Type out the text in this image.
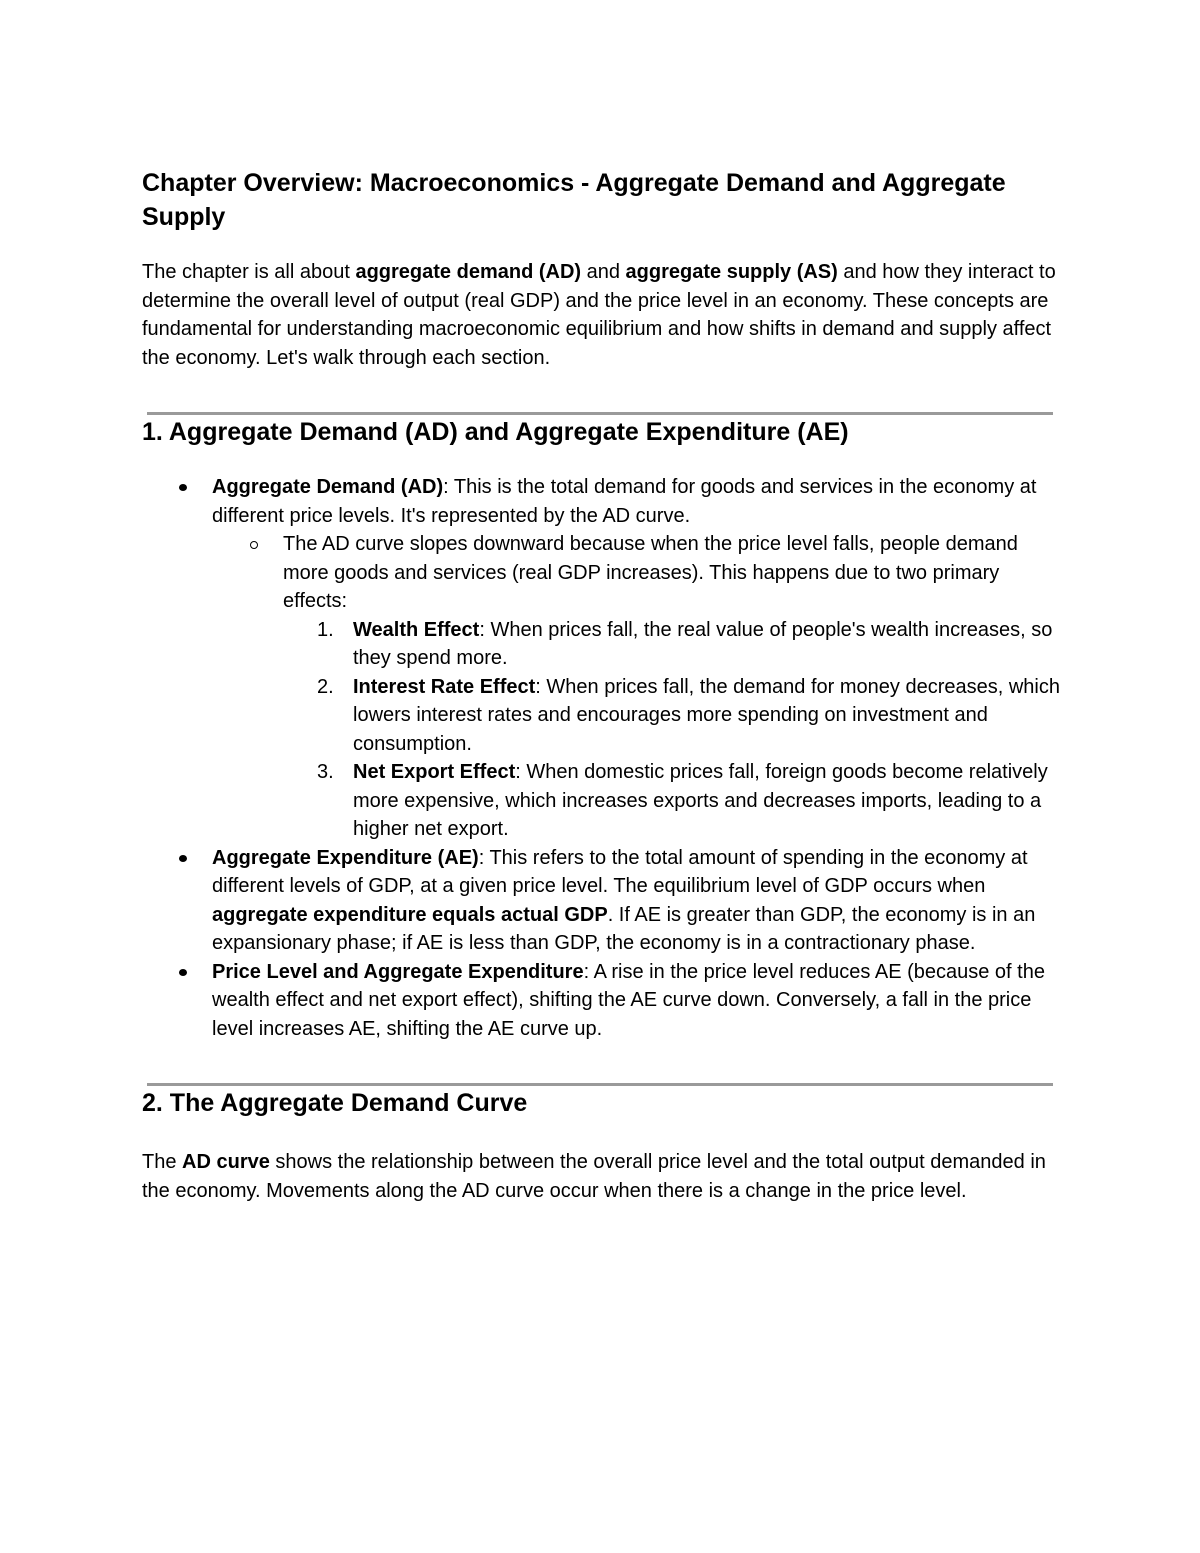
Chapter Overview: Macroeconomics - Aggregate Demand and Aggregate Supply

The chapter is all about aggregate demand (AD) and aggregate supply (AS) and how they interact to determine the overall level of output (real GDP) and the price level in an economy. These concepts are fundamental for understanding macroeconomic equilibrium and how shifts in demand and supply affect the economy. Let's walk through each section.

1. Aggregate Demand (AD) and Aggregate Expenditure (AE)
Aggregate Demand (AD): This is the total demand for goods and services in the economy at different price levels. It's represented by the AD curve.
The AD curve slopes downward because when the price level falls, people demand more goods and services (real GDP increases). This happens due to two primary effects:
1. Wealth Effect: When prices fall, the real value of people's wealth increases, so they spend more.
2. Interest Rate Effect: When prices fall, the demand for money decreases, which lowers interest rates and encourages more spending on investment and consumption.
3. Net Export Effect: When domestic prices fall, foreign goods become relatively more expensive, which increases exports and decreases imports, leading to a higher net export.
Aggregate Expenditure (AE): This refers to the total amount of spending in the economy at different levels of GDP, at a given price level. The equilibrium level of GDP occurs when aggregate expenditure equals actual GDP. If AE is greater than GDP, the economy is in an expansionary phase; if AE is less than GDP, the economy is in a contractionary phase.
Price Level and Aggregate Expenditure: A rise in the price level reduces AE (because of the wealth effect and net export effect), shifting the AE curve down. Conversely, a fall in the price level increases AE, shifting the AE curve up.
2. The Aggregate Demand Curve

The AD curve shows the relationship between the overall price level and the total output demanded in the economy. Movements along the AD curve occur when there is a change in the price level.
